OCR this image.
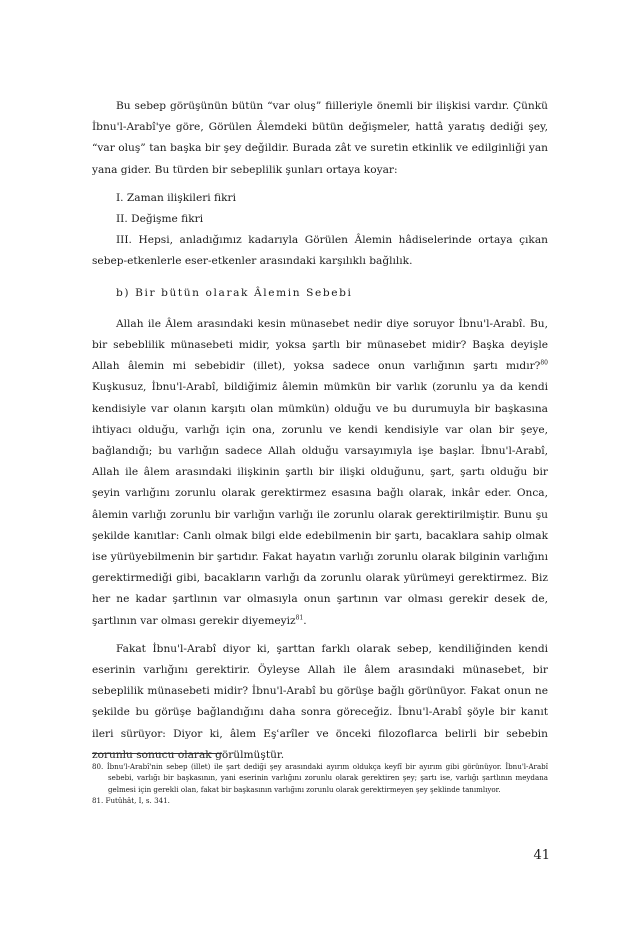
Bu sebep görüşünün bütün “var oluş” fiilleriyle önemli bir ilişkisi vardır. Çünkü İbnu'l-Arabî'ye göre, Görülen Âlemdeki bütün değişmeler, hattâ yaratış dediği şey, “var oluş” tan başka bir şey değildir. Burada zât ve suretin etkinlik ve edilginliği yan yana gider. Bu türden bir sebeplilik şunları ortaya koyar:

I. Zaman ilişkileri fikri

II. Değişme fikri

III. Hepsi, anladığımız kadarıyla Görülen Âlemin hâdiselerinde ortaya çıkan sebep-etkenlerle eser-etkenler arasındaki karşılıklı bağlılık.

b) Bir bütün olarak Âlemin Sebebi

Allah ile Âlem arasındaki kesin münasebet nedir diye soruyor İbnu'l-Arabî. Bu, bir sebeblilik münasebeti midir, yoksa şartlı bir münasebet midir? Başka deyişle Allah âlemin mi sebebidir (illet), yoksa sadece onun varlığının şartı mıdır?$^{80}$ Kuşkusuz, İbnu'l-Arabî, bildiğimiz âlemin mümkün bir varlık (zorunlu ya da kendi kendisiyle var olanın karşıtı olan mümkün) olduğu ve bu durumuyla bir başkasına ihtiyacı olduğu, varlığı için ona, zorunlu ve kendi kendisiyle var olan bir şeye, bağlandığı; bu varlığın sadece Allah olduğu varsayımıyla işe başlar. İbnu'l-Arabî, Allah ile âlem arasındaki ilişkinin şartlı bir ilişki olduğunu, şart, şartı olduğu bir şeyin varlığını zorunlu olarak gerektirmez esasına bağlı olarak, inkâr eder. Onca, âlemin varlığı zorunlu bir varlığın varlığı ile zorunlu olarak gerektirilmiştir. Bunu şu şekilde kanıtlar: Canlı olmak bilgi elde edebilmenin bir şartı, bacaklara sahip olmak ise yürüyebilmenin bir şartıdır. Fakat hayatın varlığı zorunlu olarak bilginin varlığını gerektirmediği gibi, bacakların varlığı da zorunlu olarak yürümeyi gerektirmez. Biz her ne kadar şartlının var olmasıyla onun şartının var olması gerekir desek de, şartlının var olması gerekir diyemeyiz$^{81}$.

Fakat İbnu'l-Arabî diyor ki, şarttan farklı olarak sebep, kendiliğinden kendi eserinin varlığını gerektirir. Öyleyse Allah ile âlem arasındaki münasebet, bir sebeplilik münasebeti midir? İbnu'l-Arabî bu görüşe bağlı görünüyor. Fakat onun ne şekilde bu görüşe bağlandığını daha sonra göreceğiz. İbnu'l-Arabî şöyle bir kanıt ileri sürüyor: Diyor ki, âlem Eşʿarîler ve önceki filozoflarca belirli bir sebebin zorunlu sonucu olarak görülmüştür.

80. İbnu'l-Arabî'nin sebep (illet) ile şart dediği şey arasındaki ayırım oldukça keyfî bir ayırım gibi görünüyor. İbnu'l-Arabî sebebi, varlığı bir başkasının, yani eserinin varlığını zorunlu olarak gerektiren şey; şartı ise, varlığı şartlının meydana gelmesi için gerekli olan, fakat bir başkasının varlığını zorunlu olarak gerektirmeyen şey şeklinde tanımlıyor.

81. Futûhât, I, s. 341.

41
